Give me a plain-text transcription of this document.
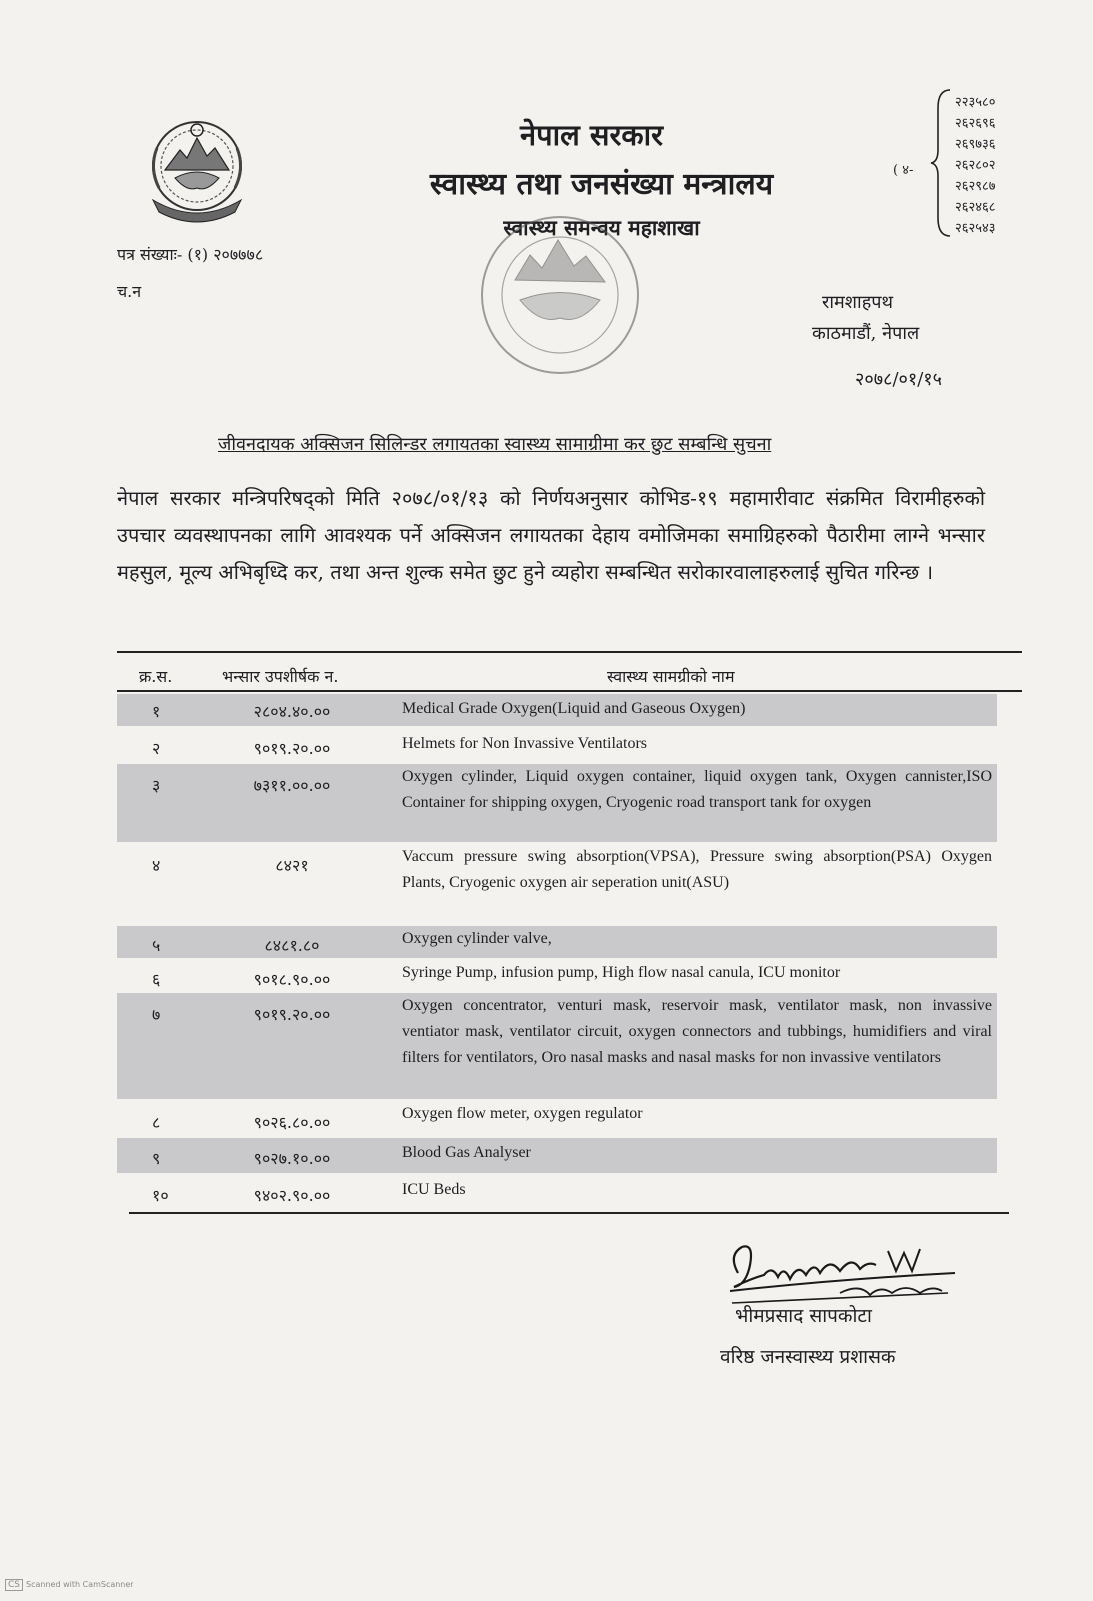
नेपाल सरकार
स्वास्थ्य तथा जनसंख्या मन्त्रालय
स्वास्थ्य समन्वय महाशाखा
( ४-
२२३५८०
२६२६९६
२६९७३६
२६२८०२
२६२९८७
२६२४६८
२६२५४३
पत्र संख्याः- (१) २०७७७८
च.न
रामशाहपथ
काठमाडौं, नेपाल
२०७८/०१/१५
जीवनदायक अक्सिजन सिलिन्डर लगायतका स्वास्थ्य सामाग्रीमा कर छुट सम्बन्धि सुचना
नेपाल सरकार मन्त्रिपरिषद्को मिति २०७८/०१/१३ को निर्णयअनुसार कोभिड-१९ महामारीवाट संक्रमित विरामीहरुको उपचार व्यवस्थापनका लागि आवश्यक पर्ने अक्सिजन लगायतका देहाय वमोजिमका समाग्रिहरुको पैठारीमा लाग्ने भन्सार महसुल, मूल्य अभिबृध्दि कर, तथा अन्त शुल्क समेत छुट हुने व्यहोरा सम्बन्धित सरोकारवालाहरुलाई सुचित गरिन्छ ।
क्र.स.	भन्सार उपशीर्षक न.	स्वास्थ्य सामग्रीको नाम
१	२८०४.४०.००	Medical Grade Oxygen(Liquid and Gaseous Oxygen)
२	९०१९.२०.००	Helmets for Non Invassive Ventilators
३	७३११.००.००	Oxygen cylinder, Liquid oxygen container, liquid oxygen tank, Oxygen cannister,ISO Container for shipping oxygen, Cryogenic road transport tank for oxygen
४	८४२१	Vaccum pressure swing absorption(VPSA), Pressure swing absorption(PSA) Oxygen Plants, Cryogenic oxygen air seperation unit(ASU)
५	८४८१.८०	Oxygen cylinder valve,
६	९०१८.९०.००	Syringe Pump, infusion pump, High flow nasal canula, ICU monitor
७	९०१९.२०.००	Oxygen concentrator, venturi mask, reservoir mask, ventilator mask, non invassive ventiator mask, ventilator circuit, oxygen connectors and tubbings, humidifiers and viral filters for ventilators, Oro nasal masks and nasal masks for non invassive ventilators
८	९०२६.८०.००	Oxygen flow meter, oxygen regulator
९	९०२७.१०.००	Blood Gas Analyser
१०	९४०२.९०.००	ICU Beds
भीमप्रसाद सापकोटा
वरिष्ठ जनस्वास्थ्य प्रशासक
CS Scanned with CamScanner
